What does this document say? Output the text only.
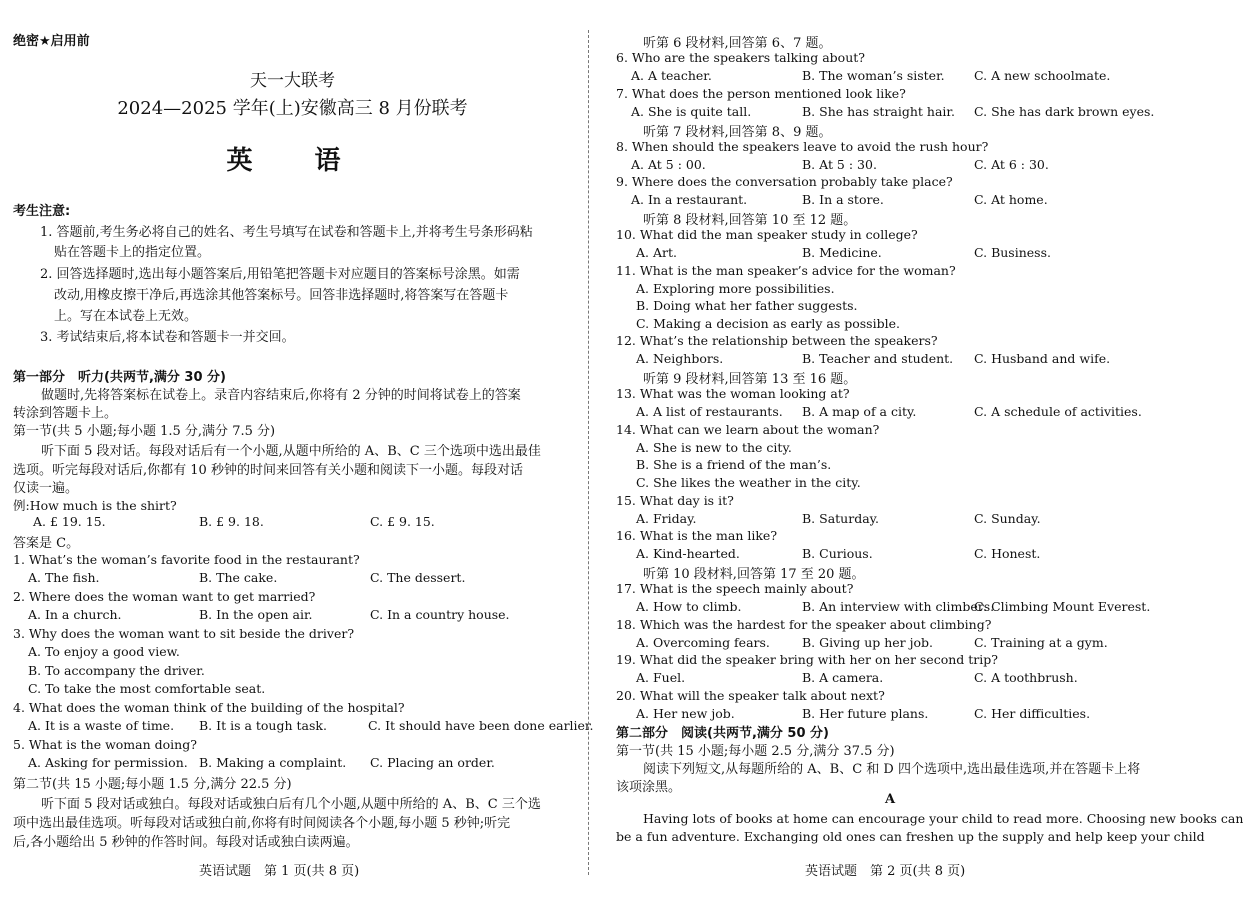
绝密★启用前
天一大联考
2024—2025 学年(上)安徽高三 8 月份联考
英　语
考生注意:
1. 答题前,考生务必将自己的姓名、考生号填写在试卷和答题卡上,并将考生号条形码粘
贴在答题卡上的指定位置。
2. 回答选择题时,选出每小题答案后,用铅笔把答题卡对应题目的答案标号涂黑。如需
改动,用橡皮擦干净后,再选涂其他答案标号。回答非选择题时,将答案写在答题卡
上。写在本试卷上无效。
3. 考试结束后,将本试卷和答题卡一并交回。
第一部分　听力(共两节,满分 30 分)
做题时,先将答案标在试卷上。录音内容结束后,你将有 2 分钟的时间将试卷上的答案
转涂到答题卡上。
第一节(共 5 小题;每小题 1.5 分,满分 7.5 分)
听下面 5 段对话。每段对话后有一个小题,从题中所给的 A、B、C 三个选项中选出最佳
选项。听完每段对话后,你都有 10 秒钟的时间来回答有关小题和阅读下一小题。每段对话
仅读一遍。
例:How much is the shirt?
A. £ 19. 15.	B. £ 9. 18.	C. £ 9. 15.
答案是 C。
1. What’s the woman’s favorite food in the restaurant?
A. The fish.	B. The cake.	C. The dessert.
2. Where does the woman want to get married?
A. In a church.	B. In the open air.	C. In a country house.
3. Why does the woman want to sit beside the driver?
A. To enjoy a good view.
B. To accompany the driver.
C. To take the most comfortable seat.
4. What does the woman think of the building of the hospital?
A. It is a waste of time. B. It is a tough task.	C. It should have been done earlier.
5. What is the woman doing?
A. Asking for permission. B. Making a complaint. C. Placing an order.
第二节(共 15 小题;每小题 1.5 分,满分 22.5 分)
听下面 5 段对话或独白。每段对话或独白后有几个小题,从题中所给的 A、B、C 三个选
项中选出最佳选项。听每段对话或独白前,你将有时间阅读各个小题,每小题 5 秒钟;听完
后,各小题给出 5 秒钟的作答时间。每段对话或独白读两遍。
英语试题　第 1 页(共 8 页)
听第 6 段材料,回答第 6、7 题。
6. Who are the speakers talking about?
A. A teacher.	B. The woman’s sister. C. A new schoolmate.
7. What does the person mentioned look like?
A. She is quite tall.	B. She has straight hair. C. She has dark brown eyes.
听第 7 段材料,回答第 8、9 题。
8. When should the speakers leave to avoid the rush hour?
A. At 5 : 00.	B. At 5 : 30.	C. At 6 : 30.
9. Where does the conversation probably take place?
A. In a restaurant.	B. In a store.	C. At home.
听第 8 段材料,回答第 10 至 12 题。
10. What did the man speaker study in college?
A. Art.	B. Medicine.	C. Business.
11. What is the man speaker’s advice for the woman?
A. Exploring more possibilities.
B. Doing what her father suggests.
C. Making a decision as early as possible.
12. What’s the relationship between the speakers?
A. Neighbors.	B. Teacher and student. C. Husband and wife.
听第 9 段材料,回答第 13 至 16 题。
13. What was the woman looking at?
A. A list of restaurants. B. A map of a city.	C. A schedule of activities.
14. What can we learn about the woman?
A. She is new to the city.
B. She is a friend of the man’s.
C. She likes the weather in the city.
15. What day is it?
A. Friday.	B. Saturday.	C. Sunday.
16. What is the man like?
A. Kind-hearted.	B. Curious.	C. Honest.
听第 10 段材料,回答第 17 至 20 题。
17. What is the speech mainly about?
A. How to climb.	B. An interview with climbers.
C. Climbing Mount Everest.
18. Which was the hardest for the speaker about climbing?
A. Overcoming fears.	B. Giving up her job.	C. Training at a gym.
19. What did the speaker bring with her on her second trip?
A. Fuel.	B. A camera.	C. A toothbrush.
20. What will the speaker talk about next?
A. Her new job.	B. Her future plans.	C. Her difficulties.
第二部分　阅读(共两节,满分 50 分)
第一节(共 15 小题;每小题 2.5 分,满分 37.5 分)
阅读下列短文,从每题所给的 A、B、C 和 D 四个选项中,选出最佳选项,并在答题卡上将
该项涂黑。
A
Having lots of books at home can encourage your child to read more. Choosing new books can
be a fun adventure. Exchanging old ones can freshen up the supply and help keep your child
英语试题　第 2 页(共 8 页)
